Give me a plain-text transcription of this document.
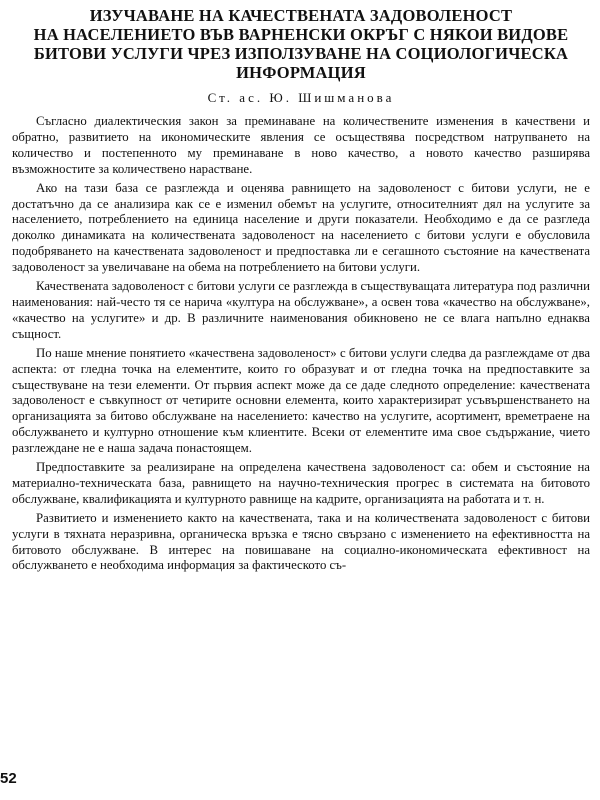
ИЗУЧАВАНЕ НА КАЧЕСТВЕНАТА ЗАДОВОЛЕНОСТ
НА НАСЕЛЕНИЕТО ВЪВ ВАРНЕНСКИ ОКРЪГ С НЯКОИ ВИДОВЕ
БИТОВИ УСЛУГИ ЧРЕЗ ИЗПОЛЗУВАНЕ НА СОЦИОЛОГИЧЕСКА
ИНФОРМАЦИЯ
Ст. ас. Ю. Шишманова

Съгласно диалектическия закон за преминаване на количествените изменения в качествени и обратно, развитието на икономическите явления се осъществява посредством натрупването на количество и постепенното му преминаване в ново качество, а новото качество разширява възможностите за количествено нарастване.

Ако на тази база се разглежда и оценява равнището на задоволеност с битови услуги, не е достатъчно да се анализира как се е изменил обемът на услугите, относителният дял на услугите за населението, потреблението на единица население и други показатели. Необходимо е да се разгледа доколко динамиката на количествената задоволеност на населението с битови услуги е обусловила подобряването на качествената задоволеност и предпоставка ли е сегашното състояние на качествената задоволеност за увеличаване на обема на потреблението на битови услуги.

Качествената задоволеност с битови услуги се разглежда в съществуващата литература под различни наименования: най-често тя се нарича «култура на обслужване», а освен това «качество на обслужване», «качество на услугите» и др. В различните наименования обикновено не се влага напълно еднаква същност.

По наше мнение понятието «качествена задоволеност» с битови услуги следва да разглеждаме от два аспекта: от гледна точка на елементите, които го образуват и от гледна точка на предпоставките за съществуване на тези елементи. От първия аспект може да се даде следното определение: качествената задоволеност е съвкупност от четирите основни елемента, които характеризират усъвършенстването на организацията за битово обслужване на населението: качество на услугите, асортимент, времетраене на обслужването и културно отношение към клиентите. Всеки от елементите има свое съдържание, чието разглеждане не е наша задача понастоящем.

Предпоставките за реализиране на определена качествена задоволеност са: обем и състояние на материално-техническата база, равнището на научно-техническия прогрес в системата на битовото обслужване, квалификацията и културното равнище на кадрите, организацията на работата и т. н.

Развитието и изменението както на качествената, така и на количествената задоволеност с битови услуги в тяхната неразривна, органическа връзка е тясно свързано с изменението на ефективността на битовото обслужване. В интерес на повишаване на социално-икономическата ефективност на обслужването е необходима информация за фактическото съ-

52
